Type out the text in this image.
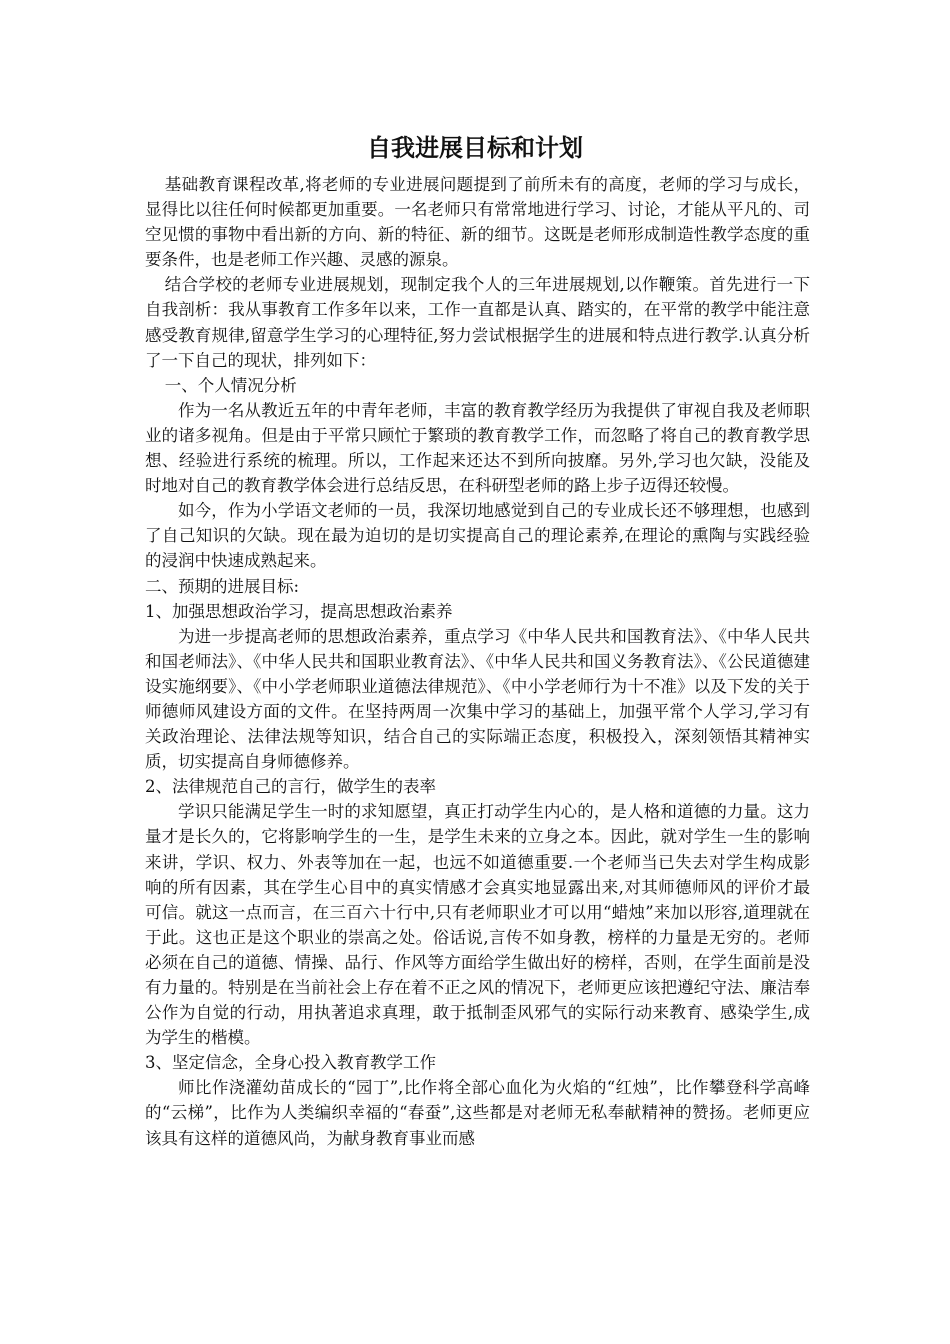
自我进展目标和计划

基础教育课程改革,将老师的专业进展问题提到了前所未有的高度，老师的学习与成长，显得比以往任何时候都更加重要。一名老师只有常常地进行学习、讨论，才能从平凡的、司空见惯的事物中看出新的方向、新的特征、新的细节。这既是老师形成制造性教学态度的重要条件，也是老师工作兴趣、灵感的源泉。

结合学校的老师专业进展规划，现制定我个人的三年进展规划,以作鞭策。首先进行一下自我剖析：我从事教育工作多年以来，工作一直都是认真、踏实的，在平常的教学中能注意感受教育规律,留意学生学习的心理特征,努力尝试根据学生的进展和特点进行教学.认真分析了一下自己的现状，排列如下：

一、个人情况分析

作为一名从教近五年的中青年老师，丰富的教育教学经历为我提供了审视自我及老师职业的诸多视角。但是由于平常只顾忙于繁琐的教育教学工作，而忽略了将自己的教育教学思想、经验进行系统的梳理。所以，工作起来还达不到所向披靡。另外,学习也欠缺，没能及时地对自己的教育教学体会进行总结反思，在科研型老师的路上步子迈得还较慢。

如今，作为小学语文老师的一员，我深切地感觉到自己的专业成长还不够理想，也感到了自己知识的欠缺。现在最为迫切的是切实提高自己的理论素养,在理论的熏陶与实践经验的浸润中快速成熟起来。

二、预期的进展目标:

1、加强思想政治学习，提高思想政治素养

为进一步提高老师的思想政治素养，重点学习《中华人民共和国教育法》、《中华人民共和国老师法》、《中华人民共和国职业教育法》、《中华人民共和国义务教育法》、《公民道德建设实施纲要》、《中小学老师职业道德法律规范》、《中小学老师行为十不准》以及下发的关于师德师风建设方面的文件。在坚持两周一次集中学习的基础上，加强平常个人学习,学习有关政治理论、法律法规等知识，结合自己的实际端正态度，积极投入，深刻领悟其精神实质，切实提高自身师德修养。

2、法律规范自己的言行，做学生的表率

学识只能满足学生一时的求知愿望，真正打动学生内心的，是人格和道德的力量。这力量才是长久的，它将影响学生的一生，是学生未来的立身之本。因此，就对学生一生的影响来讲，学识、权力、外表等加在一起，也远不如道德重要.一个老师当已失去对学生构成影响的所有因素，其在学生心目中的真实情感才会真实地显露出来,对其师德师风的评价才最可信。就这一点而言，在三百六十行中,只有老师职业才可以用“蜡烛”来加以形容,道理就在于此。这也正是这个职业的崇高之处。俗话说,言传不如身教，榜样的力量是无穷的。老师必须在自己的道德、情操、品行、作风等方面给学生做出好的榜样，否则，在学生面前是没有力量的。特别是在当前社会上存在着不正之风的情况下，老师更应该把遵纪守法、廉洁奉公作为自觉的行动，用执著追求真理，敢于抵制歪风邪气的实际行动来教育、感染学生,成为学生的楷模。

3、坚定信念，全身心投入教育教学工作

师比作浇灌幼苗成长的“园丁”,比作将全部心血化为火焰的“红烛”，比作攀登科学高峰的“云梯”，比作为人类编织幸福的“春蚕”,这些都是对老师无私奉献精神的赞扬。老师更应该具有这样的道德风尚，为献身教育事业而感
